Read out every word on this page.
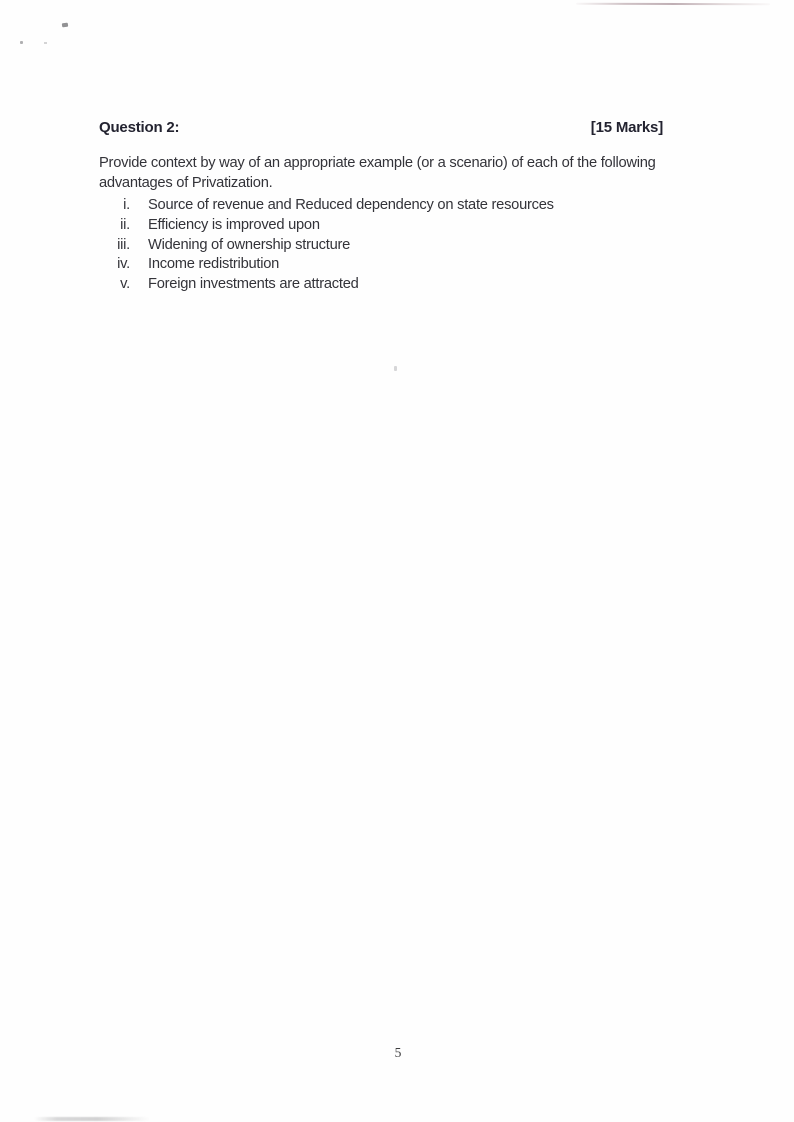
Question 2:	[15 Marks]
Provide context by way of an appropriate example (or a scenario) of each of the following
advantages of Privatization.
i. Source of revenue and Reduced dependency on state resources
ii. Efficiency is improved upon
iii. Widening of ownership structure
iv. Income redistribution
v. Foreign investments are attracted
5
